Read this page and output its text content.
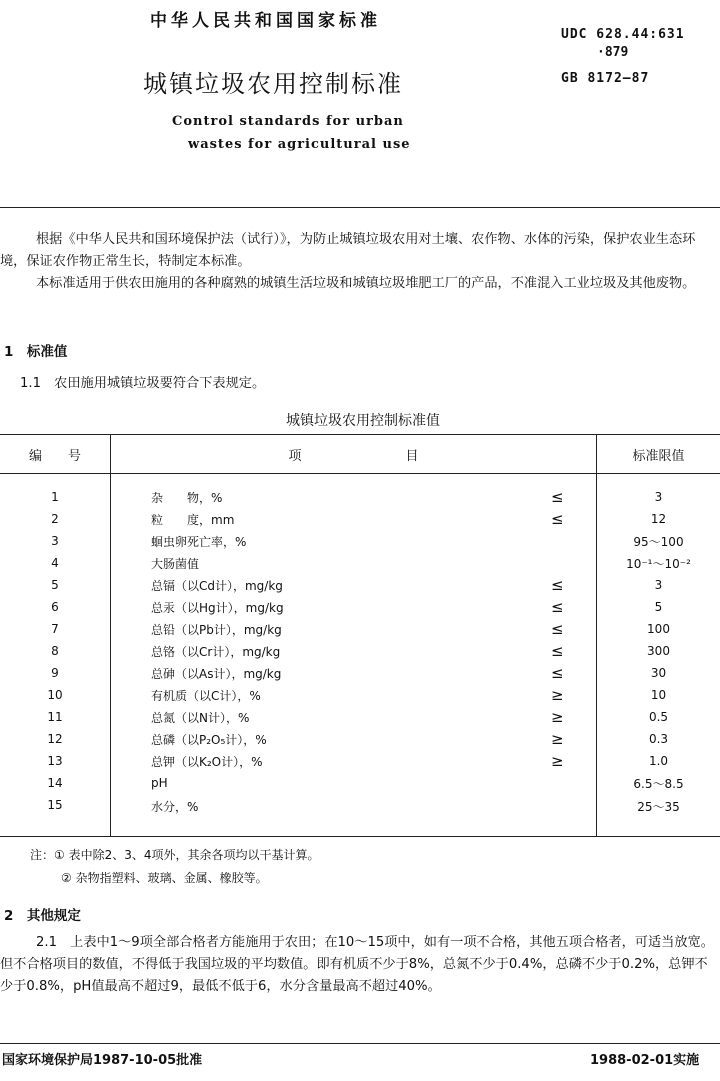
中华人民共和国国家标准
UDC 628.44:631
·879
GB 8172—87
城镇垃圾农用控制标准
Control standards for urban
wastes for agricultural use

根据《中华人民共和国环境保护法（试行）》，为防止城镇垃圾农用对土壤、农作物、水体的污染，保护农业生态环境，保证农作物正常生长，特制定本标准。

本标准适用于供农田施用的各种腐熟的城镇生活垃圾和城镇垃圾堆肥工厂的产品，不准混入工业垃圾及其他废物。

1　标准值
1.1　农田施用城镇垃圾要符合下表规定。
城镇垃圾农用控制标准值
编　　号	项　　　　　　　　目	标准限值

1	杂　　物，% ≤	3
2	粒　　度，mm ≤	12
3	蛔虫卵死亡率，%	95～100
4	大肠菌值	10⁻¹～10⁻²
5	总镉（以Cd计），mg/kg ≤	3
6	总汞（以Hg计），mg/kg ≤	5
7	总铅（以Pb计），mg/kg ≤	100
8	总铬（以Cr计），mg/kg ≤	300
9	总砷（以As计），mg/kg ≤	30
10	有机质（以C计），% ≥	10
11	总氮（以N计），% ≥	0.5
12	总磷（以P₂O₅计），% ≥	0.3
13	总钾（以K₂O计），% ≥	1.0
14	pH	6.5～8.5
15	水分，%	25～35
注：① 表中除2、3、4项外，其余各项均以干基计算。
② 杂物指塑料、玻璃、金属、橡胶等。
2　其他规定

2.1　上表中1～9项全部合格者方能施用于农田；在10～15项中，如有一项不合格，其他五项合格者，可适当放宽。但不合格项目的数值，不得低于我国垃圾的平均数值。即有机质不少于8%，总氮不少于0.4%，总磷不少于0.2%，总钾不少于0.8%，pH值最高不超过9，最低不低于6，水分含量最高不超过40%。

国家环境保护局1987-10-05批准	1988-02-01实施
